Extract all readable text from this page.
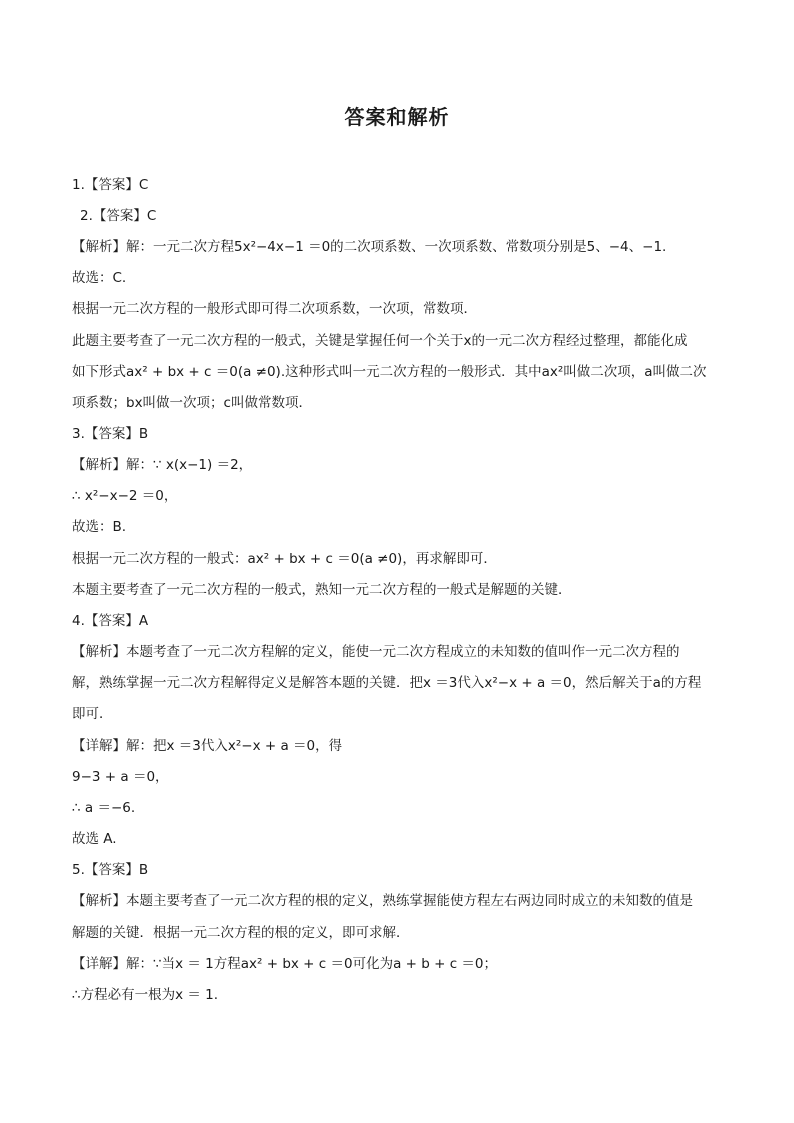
答案和解析
1.【答案】C
2.【答案】C
【解析】解：一元二次方程5x²−4x−1 ＝0的二次项系数、一次项系数、常数项分别是5、−4、−1.
故选：C.
根据一元二次方程的一般形式即可得二次项系数，一次项，常数项．
此题主要考查了一元二次方程的一般式，关键是掌握任何一个关于x的一元二次方程经过整理，都能化成
如下形式ax² + bx + c ＝0(a ≠0).这种形式叫一元二次方程的一般形式．其中ax²叫做二次项，a叫做二次
项系数；bx叫做一次项；c叫做常数项．
3.【答案】B
【解析】解：∵ x(x−1) ＝2，
∴ x²−x−2 ＝0，
故选：B.
根据一元二次方程的一般式：ax² + bx + c ＝0(a ≠0)，再求解即可．
本题主要考查了一元二次方程的一般式，熟知一元二次方程的一般式是解题的关键．
4.【答案】A
【解析】本题考查了一元二次方程解的定义，能使一元二次方程成立的未知数的值叫作一元二次方程的
解，熟练掌握一元二次方程解得定义是解答本题的关键．把x ＝3代入x²−x + a ＝0，然后解关于a的方程
即可．
【详解】解：把x ＝3代入x²−x + a ＝0，得
9−3 + a ＝0，
∴ a ＝−6.
故选 A.
5.【答案】B
【解析】本题主要考查了一元二次方程的根的定义，熟练掌握能使方程左右两边同时成立的未知数的值是
解题的关键．根据一元二次方程的根的定义，即可求解．
【详解】解：∵当x ＝ 1方程ax² + bx + c ＝0可化为a + b + c ＝0；
∴方程必有一根为x ＝ 1.
